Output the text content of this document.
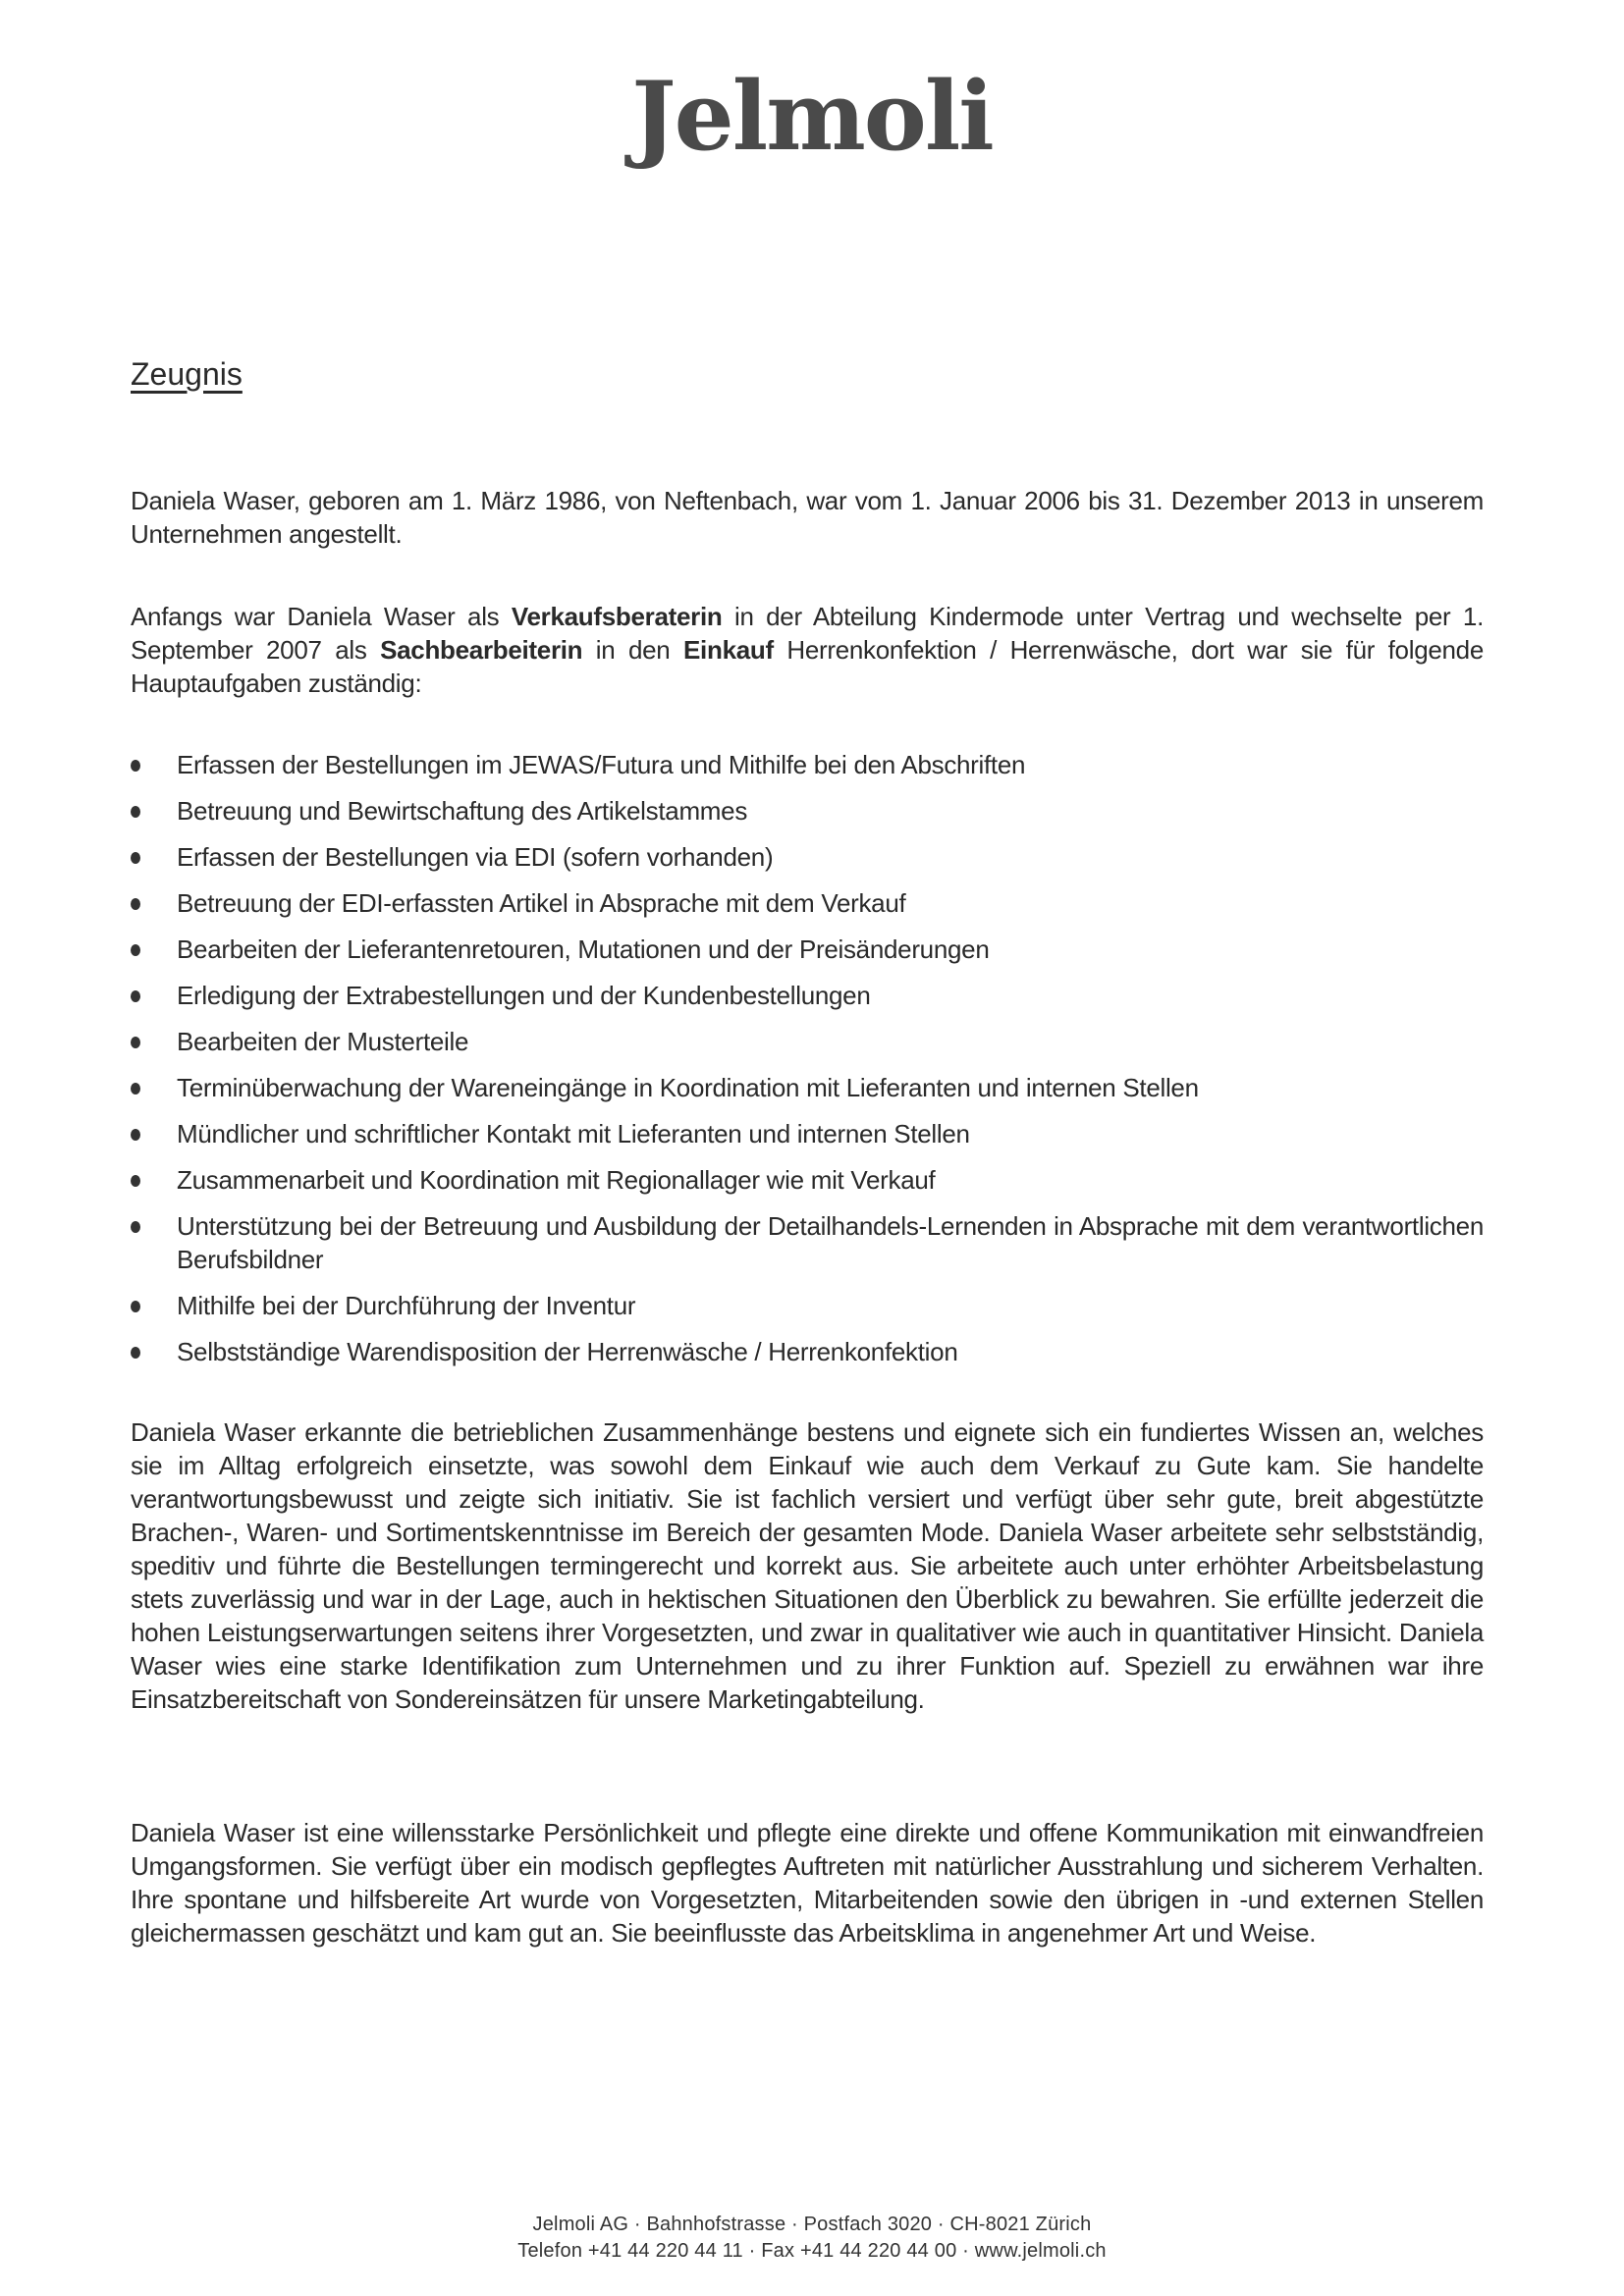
Jelmoli
Zeugnis

Daniela Waser, geboren am 1. März 1986, von Neftenbach, war vom 1. Januar 2006 bis 31. Dezember 2013 in unserem Unternehmen angestellt.

Anfangs war Daniela Waser als Verkaufsberaterin in der Abteilung Kindermode unter Vertrag und wechselte per 1. September 2007 als Sachbearbeiterin in den Einkauf Herrenkonfektion / Herrenwäsche, dort war sie für folgende Hauptaufgaben zuständig:

Erfassen der Bestellungen im JEWAS/Futura und Mithilfe bei den Abschriften
Betreuung und Bewirtschaftung des Artikelstammes
Erfassen der Bestellungen via EDI (sofern vorhanden)
Betreuung der EDI-erfassten Artikel in Absprache mit dem Verkauf
Bearbeiten der Lieferantenretouren, Mutationen und der Preisänderungen
Erledigung der Extrabestellungen und der Kundenbestellungen
Bearbeiten der Musterteile
Terminüberwachung der Wareneingänge in Koordination mit Lieferanten und internen Stellen
Mündlicher und schriftlicher Kontakt mit Lieferanten und internen Stellen
Zusammenarbeit und Koordination mit Regionallager wie mit Verkauf
Unterstützung bei der Betreuung und Ausbildung der Detailhandels-Lernenden in Absprache mit dem verantwortlichen Berufsbildner
Mithilfe bei der Durchführung der Inventur
Selbstständige Warendisposition der Herrenwäsche / Herrenkonfektion

Daniela Waser erkannte die betrieblichen Zusammenhänge bestens und eignete sich ein fundiertes Wissen an, welches sie im Alltag erfolgreich einsetzte, was sowohl dem Einkauf wie auch dem Verkauf zu Gute kam. Sie handelte verantwortungsbewusst und zeigte sich initiativ. Sie ist fachlich versiert und verfügt über sehr gute, breit abgestützte Brachen-, Waren- und Sortimentskenntnisse im Bereich der gesamten Mode. Daniela Waser arbeitete sehr selbstständig, speditiv und führte die Bestellungen termingerecht und korrekt aus. Sie arbeitete auch unter erhöhter Arbeitsbelastung stets zuverlässig und war in der Lage, auch in hektischen Situationen den Überblick zu bewahren. Sie erfüllte jederzeit die hohen Leistungserwartungen seitens ihrer Vorgesetzten, und zwar in qualitativer wie auch in quantitativer Hinsicht. Daniela Waser wies eine starke Identifikation zum Unternehmen und zu ihrer Funktion auf. Speziell zu erwähnen war ihre Einsatzbereitschaft von Sondereinsätzen für unsere Marketingabteilung.

Daniela Waser ist eine willensstarke Persönlichkeit und pflegte eine direkte und offene Kommunikation mit einwandfreien Umgangsformen. Sie verfügt über ein modisch gepflegtes Auftreten mit natürlicher Ausstrahlung und sicherem Verhalten. Ihre spontane und hilfsbereite Art wurde von Vorgesetzten, Mitarbeitenden sowie den übrigen in -und externen Stellen gleichermassen geschätzt und kam gut an. Sie beeinflusste das Arbeitsklima in angenehmer Art und Weise.

Jelmoli AG · Bahnhofstrasse · Postfach 3020 · CH-8021 Zürich
Telefon +41 44 220 44 11 · Fax +41 44 220 44 00 · www.jelmoli.ch
